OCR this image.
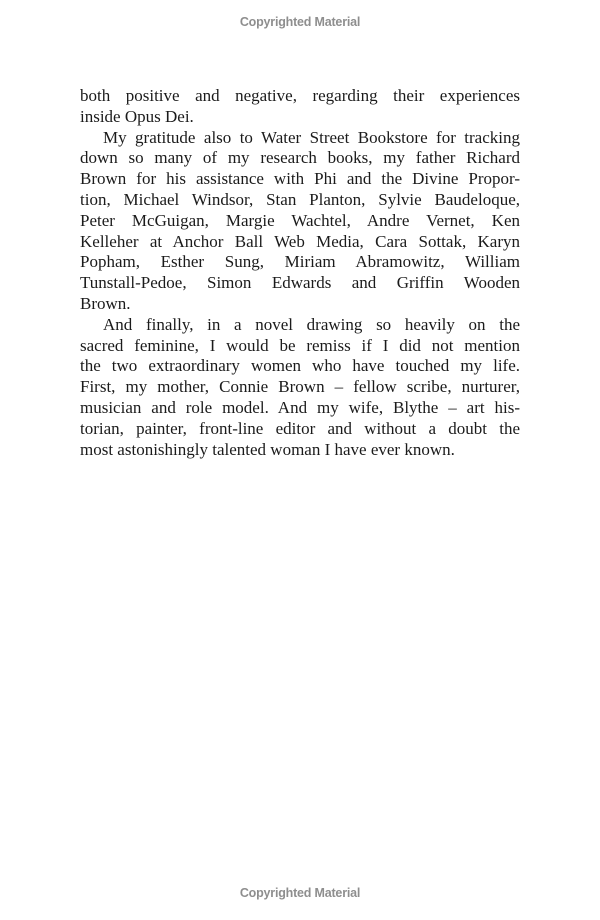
Copyrighted Material
both positive and negative, regarding their experiences
inside Opus Dei.
My gratitude also to Water Street Bookstore for tracking
down so many of my research books, my father Richard
Brown for his assistance with Phi and the Divine Propor-
tion, Michael Windsor, Stan Planton, Sylvie Baudeloque,
Peter McGuigan, Margie Wachtel, Andre Vernet, Ken
Kelleher at Anchor Ball Web Media, Cara Sottak, Karyn
Popham, Esther Sung, Miriam Abramowitz, William
Tunstall-Pedoe, Simon Edwards and Griffin Wooden
Brown.
And finally, in a novel drawing so heavily on the
sacred feminine, I would be remiss if I did not mention
the two extraordinary women who have touched my life.
First, my mother, Connie Brown – fellow scribe, nurturer,
musician and role model. And my wife, Blythe – art his-
torian, painter, front-line editor and without a doubt the
most astonishingly talented woman I have ever known.
Copyrighted Material
